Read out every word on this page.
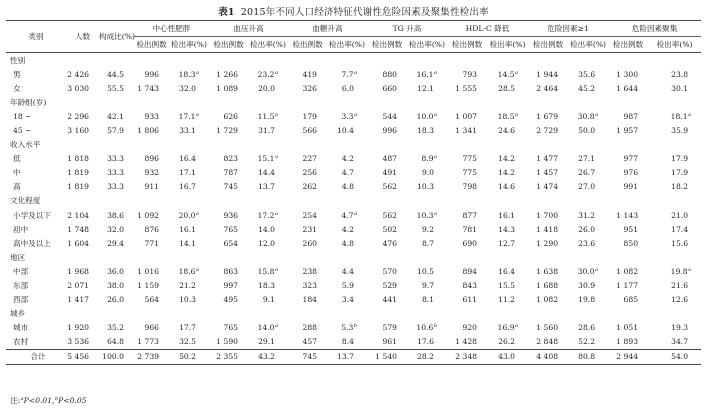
表1 2015年不同人口经济特征代谢性危险因素及聚集性检出率
类别	人数	构成比(%)	中心性肥胖		血压升高		血糖升高		TG 升高		HDL-C 降低		危险因素≥1		危险因素聚集	
			检出例数	检出率(%)	检出例数	检出率(%)	检出例数	检出率(%)	检出例数	检出率(%)	检出例数	检出率(%)	检出例数	检出率(%)	检出例数	检出率(%)
性别																
男	2 426	44.5	996	18.3$^a$	1 266	23.2$^a$	419	7.7$^a$	880	16.1$^a$	793	14.5$^a$	1 944	35.6	1 300	23.8
女	3 030	55.5	1 743	32.0	1 089	20.0	326	6.0	660	12.1	1 555	28.5	2 464	45.2	1 644	30.1
年龄组(岁)																
18 ~	2 296	42.1	933	17.1$^a$	626	11.5$^a$	179	3.3$^a$	544	10.0$^a$	1 007	18.5$^a$	1 679	30.8$^a$	987	18.1$^a$
45 ~	3 160	57.9	1 806	33.1	1 729	31.7	566	10.4	996	18.3	1 341	24.6	2 729	50.0	1 957	35.9
收入水平																
低	1 818	33.3	896	16.4	823	15.1$^a$	227	4.2	487	8.9$^a$	775	14.2	1 477	27.1	977	17.9
中	1 819	33.3	932	17.1	787	14.4	256	4.7	491	9.0	775	14.2	1 457	26.7	976	17.9
高	1 819	33.3	911	16.7	745	13.7	262	4.8	562	10.3	798	14.6	1 474	27.0	991	18.2
文化程度																
小学及以下	2 104	38.6	1 092	20.0$^a$	936	17.2$^a$	254	4.7$^a$	562	10.3$^a$	877	16.1	1 700	31.2	1 143	21.0
初中	1 748	32.0	876	16.1	765	14.0	231	4.2	502	9.2	781	14.3	1 418	26.0	951	17.4
高中及以上	1 604	29.4	771	14.1	654	12.0	260	4.8	476	8.7	690	12.7	1 290	23.6	850	15.6
地区																
中部	1 968	36.0	1 016	18.6$^a$	863	15.8$^a$	238	4.4	570	10.5	894	16.4	1 638	30.0$^a$	1 082	19.8$^a$
东部	2 071	38.0	1 159	21.2	997	18.3	323	5.9	529	9.7	843	15.5	1 688	30.9	1 177	21.6
西部	1 417	26.0	564	10.3	495	9.1	184	3.4	441	8.1	611	11.2	1 082	19.8	685	12.6
城乡																
城市	1 920	35.2	966	17.7	765	14.0$^a$	288	5.3$^b$	579	10.6$^b$	920	16.9$^a$	1 560	28.6	1 051	19.3
农村	3 536	64.8	1 773	32.5	1 590	29.1	457	8.4	961	17.6	1 428	26.2	2 848	52.2	1 893	34.7
合计	5 456	100.0	2 739	50.2	2 355	43.2	745	13.7	1 540	28.2	2 348	43.0	4 408	80.8	2 944	54.0
注:$^a$P<0.01,$^b$P<0.05
